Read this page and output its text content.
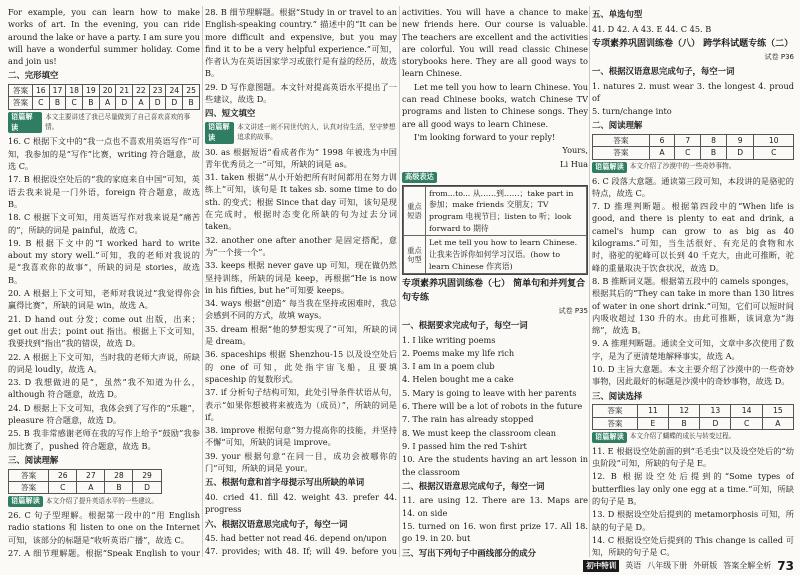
For example, you can learn how to make works of art. In the evening, you can ride around the lake or have a party. I am sure you will have a wonderful summer holiday. Come and join us!

二、完形填空
答案	16	17	18	19	20	21	22	23	24	25
答案	C	B	C	B	A	D	A	D	D	B
语篇解读
本文主要讲述了我已尽量做到了自己喜欢喜欢的事情。

16. C 根据下文中的“我一点也不喜欢用英语写作”可知，我参加的是“写作”比赛，writing 符合题意，故选 C。

17. B 根据设空处后的“我的家庭来自中国”可知，英语去我来说是一门外语，foreign 符合题意，故选 B。

18. C 根据下文可知，用英语写作对我来说是“痛苦的”，所缺的词是 painful，故选 C。

19. B 根据下文中的“I worked hard to write about my story well.”可知，我的老师对我说的是“我喜欢你的故事”，所缺的词是 stories，故选 B。

20. A 根据上下文可知，老师对我说过“我觉得你会赢得比赛”，所缺的词是 win，故选 A。

21. D hand out 分发；come out 出版，出来；get out 出去；point out 指出。根据上下文可知，我要找到“指出”我的错误，故选 D。

22. A 根据上下文可知，当时我的老师大声说，所缺的词是 loudly，故选 A。

23. D 我想做进的是“，虽然”我不知道为什么，although 符合题意，故选 D。

24. D 根据上下文可知，我体会到了写作的“乐趣”，pleasure 符合题意，故选 D。

25. B 我非常感谢老师在我的写作上给予“鼓励”我参加比赛了，pushed 符合题意，故选 B。

三、阅读理解
答案	26	27	28	29
答案	C	A	B	D
语篇解读 本文介绍了提升英语水平的一些建议。

26. C 句子型理解。根据第一段中的“用 English radio stations 和 listen to one on the Internet 可知，该部分的标题是“收听英语广播”，故选 C。

27. A 细节理解题。根据“Speak English to your

28. B 细节理解题。根据“Study in or travel to an English-speaking country.” 描述中的“It can be more difficult and expensive, but you may find it to be a very helpful experience.”可知，作者认为在英语国家学习或旅行是有益的经历，故选 B。

29. D 写作意图题。本文针对提高英语水平提出了一些建议，故选 D。

四、短文填空
语篇解读
本文讲述一则不同世代的人，认真对待生活，坚守梦想追求的故事。

30. as 根据短语“看成者作为” 1998 年被选为中国青年优秀员之一”可知，所缺的词是 as。

31. taken 根据“从小开始把所有时间都用在努力训练上”可知，该句是 It takes sb. some time to do sth. 的变式；根据 Since that day 可知，该句是现在完成时，根据时态变化所缺的句为过去分词 taken。

32. another one after another 是固定搭配，意为“一个接一个”。

33. keeps 根据 never gave up 可知，现在做仍然坚持训练，所缺的词是 keep，再根据“He is now in his fifties, but he”可知要 keeps。

34. ways 根据“创造” 每当我在坚持或困难时，我总会感到不同的方式，故填 ways。

35. dream 根据“他的梦想实现了”可知，所缺的词是 dream。

36. spaceships 根据 Shenzhou-15 以及设空处后的 one of 可知，此处指宇宙飞船，且要填 spaceship 的复数形式。

37. if 分析句子结构可知，此处引导条件状语从句，表示“如果你想被将来被选为（成员）”，所缺的词是 if。

38. improve 根据句意“努力提高你的技能，并坚持不懈”可知，所缺的词是 improve。

39. your 根据句意“在同一目，成功会被哪你的门”可知，所缺的词是 your。

五、根据句意和首字母提示写出所缺的单词

40. cried 41. fill 42. weight 43. prefer 44. progress

六、根据汉语意思完成句子，每空一词

45. had better not read 46. depend on/upon

47. provides; with 48. If; will 49. before you

activities. You will have a chance to make new friends here. Our course is valuable. The teachers are excellent and the activities are colorful. You will read classic Chinese storybooks here. They are all good ways to learn Chinese.

Let me tell you how to learn Chinese. You can read Chinese books, watch Chinese TV programs and listen to Chinese songs. They are all good ways to learn Chinese.

I'm looking forward to your reply!

Yours,

Li Hua

高级表达
重点短语	from...to... 从……到……；take part in 参加；make friends 交朋友；TV program 电视节目；listen to 听；look forward to 期待
重点句型	Let me tell you how to learn Chinese. 让我来告诉你如何学习汉语。(how to learn Chinese 作宾语)
专项素养巩固训练卷（七） 简单句和并列复合句专练
试卷 P35
一、根据要求完成句子，每空一词

1. I like writing poems

2. Poems make my life rich

3. I am in a poem club

4. Helen bought me a cake

5. Mary is going to leave with her parents

6. There will be a lot of robots in the future

7. The rain has already stopped

8. We must keep the classroom clean

9. I passed him the red T-shirt

10. Are the students having an art lesson in the classroom

二、根据汉语意思完成句子，每空一词

11. are using 12. There are 13. Maps are 14. on side

15. turned on 16. won first prize 17. All 18. go 19. in 20. but

三、写出下列句子中画线部分的成分

五、单选句型

41. D 42. A 43. E 44. C 45. B

专项素养巩固训练卷（八） 跨学科试题专练（二）
试卷 P36
一、根据汉语意思完成句子，每空一词

1. natures 2. must wear 3. the longest 4. proud of

5. turn/change into

二、阅读理解
答案	6	7	8	9	10
答案	A	C	B	D	C
语篇解读 本文介绍了沙漠中的一些奇妙事物。

6. C 段落大意题。通读第三段可知，本段讲的是骆驼的特点，故选 C。

7. D 推理判断题。根据第四段中的“When life is good, and there is plenty to eat and drink, a camel's hump can grow to as big as 40 kilograms.”可知，当生活很好、有充足的食物和水时，骆驼的驼峰可以长到 40 千克大，由此可推断，驼峰的重量取决于饮食状况，故选 D。

8. B 推断词义题。根据第五段中的 camels sponges，根据其后的“They can take in more than 130 litres of water in one short drink.”可知，它们可以短时间内吸收超过 130 升的水。由此可推断，该词意为“海绵”，故选 B。

9. A 推理判断题。通读全文可知，文章中多次使用了数字，是为了更清楚地解释事实，故选 A。

10. D 主旨大意题。本文主要介绍了沙漠中的一些奇妙事物，因此最好的标题是沙漠中的奇妙事物，故选 D。

三、阅读选择
答案	11	12	13	14	15
答案	E	B	D	C	A
语篇解读 本文介绍了蝴蝶的成长与转变过程。

11. E 根据设空处前面的到“毛毛虫”以及设空处后的“幼虫阶段”可知，所缺的句子是 E。

12. B 根据设空处后提到的“Some types of butterflies lay only one egg at a time.”可知，所缺的句子是 B。

13. D 根据设空处后提到的 metamorphosis 可知，所缺的句子是 D。

14. C 根据设空处后提到的 This change is called 可知，所缺的句子是 C。

初中特训	英语 八年级下册 外研版 答案全解全析 73
